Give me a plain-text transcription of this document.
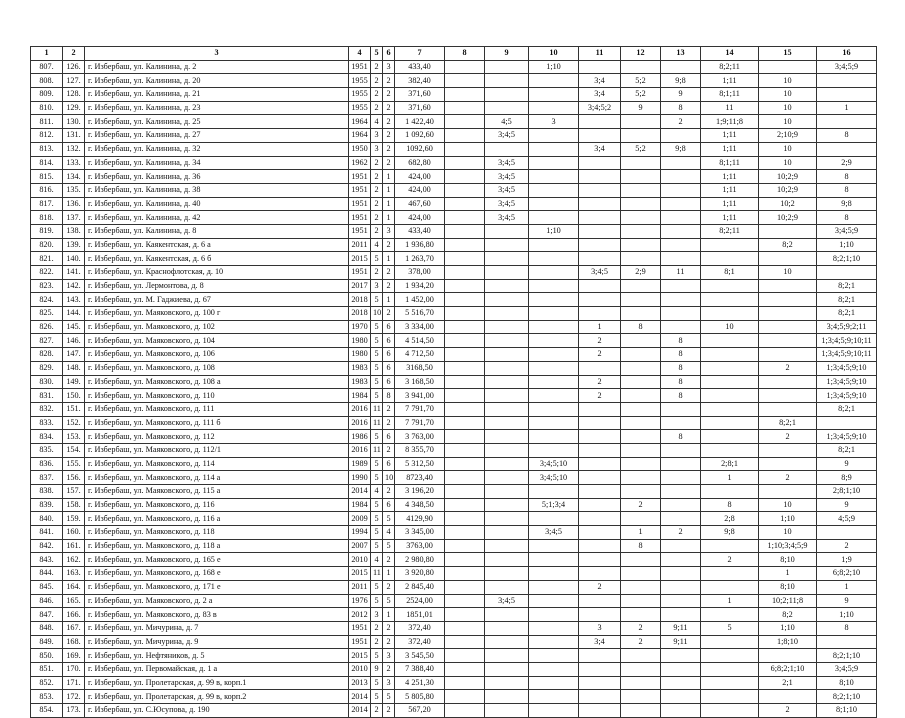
1	2	3	4	5	6	7	8	9	10	11	12	13	14	15	16
807.	126.	г. Избербаш, ул. Калинина, д. 2	1951	2	3	433,40			1;10				8;2;11		3;4;5;9
808.	127.	г. Избербаш, ул. Калинина, д. 20	1955	2	2	382,40				3;4	5;2	9;8	1;11	10	
809.	128.	г. Избербаш, ул. Калинина, д. 21	1955	2	2	371,60				3;4	5;2	9	8;1;11	10	
810.	129.	г. Избербаш, ул. Калинина, д. 23	1955	2	2	371,60				3;4;5;2	9	8	11	10	1
811.	130.	г. Избербаш, ул. Калинина, д. 25	1964	4	2	1 422,40		4;5	3			2	1;9;11;8	10	
812.	131.	г. Избербаш, ул. Калинина, д. 27	1964	3	2	1 092,60		3;4;5					1;11	2;10;9	8
813.	132.	г. Избербаш, ул. Калинина, д. 32	1950	3	2	1092,60				3;4	5;2	9;8	1;11	10	
814.	133.	г. Избербаш, ул. Калинина, д. 34	1962	2	2	682,80		3;4;5					8;1;11	10	2;9
815.	134.	г. Избербаш, ул. Калинина, д. 36	1951	2	1	424,00		3;4;5					1;11	10;2;9	8
816.	135.	г. Избербаш, ул. Калинина, д. 38	1951	2	1	424,00		3;4;5					1;11	10;2;9	8
817.	136.	г. Избербаш, ул. Калинина, д. 40	1951	2	1	467,60		3;4;5					1;11	10;2	9;8
818.	137.	г. Избербаш, ул. Калинина, д. 42	1951	2	1	424,00		3;4;5					1;11	10;2;9	8
819.	138.	г. Избербаш, ул. Калинина, д. 8	1951	2	3	433,40			1;10				8;2;11		3;4;5;9
820.	139.	г. Избербаш, ул. Каякентская, д. 6 а	2011	4	2	1 936,80								8;2	1;10
821.	140.	г. Избербаш, ул. Каякентская, д. 6 б	2015	5	1	1 263,70									8;2;1;10
822.	141.	г. Избербаш, ул. Краснофлотская, д. 10	1951	2	2	378,00				3;4;5	2;9	11	8;1	10	
823.	142.	г. Избербаш, ул. Лермонтова, д. 8	2017	3	2	1 934,20									8;2;1
824.	143.	г. Избербаш, ул. М. Гаджиева, д. 67	2018	5	1	1 452,00									8;2;1
825.	144.	г. Избербаш, ул. Маяковского, д. 100 г	2018	10	2	5 516,70									8;2;1
826.	145.	г. Избербаш, ул. Маяковского, д. 102	1970	5	6	3 334,00				1	8		10		3;4;5;9;2;11
827.	146.	г. Избербаш, ул. Маяковского, д. 104	1980	5	6	4 514,50				2		8			1;3;4;5;9;10;11
828.	147.	г. Избербаш, ул. Маяковского, д. 106	1980	5	6	4 712,50				2		8			1;3;4;5;9;10;11
829.	148.	г. Избербаш, ул. Маяковского, д. 108	1983	5	6	3168,50						8		2	1;3;4;5;9;10
830.	149.	г. Избербаш, ул. Маяковского, д. 108 а	1983	5	6	3 168,50				2		8			1;3;4;5;9;10
831.	150.	г. Избербаш, ул. Маяковского, д. 110	1984	5	8	3 941,00				2		8			1;3;4;5;9;10
832.	151.	г. Избербаш, ул. Маяковского, д. 111	2016	11	2	7 791,70									8;2;1
833.	152.	г. Избербаш, ул. Маяковского, д. 111 б	2016	11	2	7 791,70								8;2;1	
834.	153.	г. Избербаш, ул. Маяковского, д. 112	1986	5	6	3 763,00						8		2	1;3;4;5;9;10
835.	154.	г. Избербаш, ул. Маяковского, д. 112/1	2016	11	2	8 355,70									8;2;1
836.	155.	г. Избербаш, ул. Маяковского, д. 114	1989	5	6	5 312,50			3;4;5;10				2;8;1		9
837.	156.	г. Избербаш, ул. Маяковского, д. 114 а	1990	5	10	8723,40			3;4;5;10				1	2	8;9
838.	157.	г. Избербаш, ул. Маяковского, д. 115 а	2014	4	2	3 196,20									2;8;1;10
839.	158.	г. Избербаш, ул. Маяковского, д. 116	1984	5	6	4 348,50			5;1;3;4		2		8	10	9
840.	159.	г. Избербаш, ул. Маяковского, д. 116 а	2009	5	5	4129,90							2;8	1;10	4;5;9
841.	160.	г. Избербаш, ул. Маяковского, д. 118	1994	5	4	3 345,00			3;4;5		1	2	9;8	10	
842.	161.	г. Избербаш, ул. Маяковского, д. 118 а	2007	5	5	3763,00					8			1;10;3;4;5;9	2
843.	162.	г. Избербаш, ул. Маяковского, д. 165 е	2010	4	2	2 980,80							2	8;10	1;9
844.	163.	г. Избербаш, ул. Маяковского, д. 168 е	2015	11	1	3 920,80								1	6;8;2;10
845.	164.	г. Избербаш, ул. Маяковского, д. 171 е	2011	5	2	2 845,40				2				8;10	1
846.	165.	г. Избербаш, ул. Маяковского, д. 2 а	1976	5	5	2524,00		3;4;5					1	10;2;11;8	9
847.	166.	г. Избербаш, ул. Маяковского, д. 83 в	2012	3	1	1851,01								8;2	1;10
848.	167.	г. Избербаш, ул. Мичурина, д. 7	1951	2	2	372,40				3	2	9;11	5	1;10	8
849.	168.	г. Избербаш, ул. Мичурина, д. 9	1951	2	2	372,40				3;4	2	9;11		1;8;10	
850.	169.	г. Избербаш, ул. Нефтяников, д. 5	2015	5	3	3 545,50									8;2;1;10
851.	170.	г. Избербаш, ул. Первомайская, д. 1 а	2010	9	2	7 388,40								6;8;2;1;10	3;4;5;9
852.	171.	г. Избербаш, ул. Пролетарская, д. 99 в, корп.1	2013	5	3	4 251,30								2;1	8;10
853.	172.	г. Избербаш, ул. Пролетарская, д. 99 в, корп.2	2014	5	5	5 805,80									8;2;1;10
854.	173.	г. Избербаш, ул. С.Юсупова, д. 190	2014	2	2	567,20								2	8;1;10
